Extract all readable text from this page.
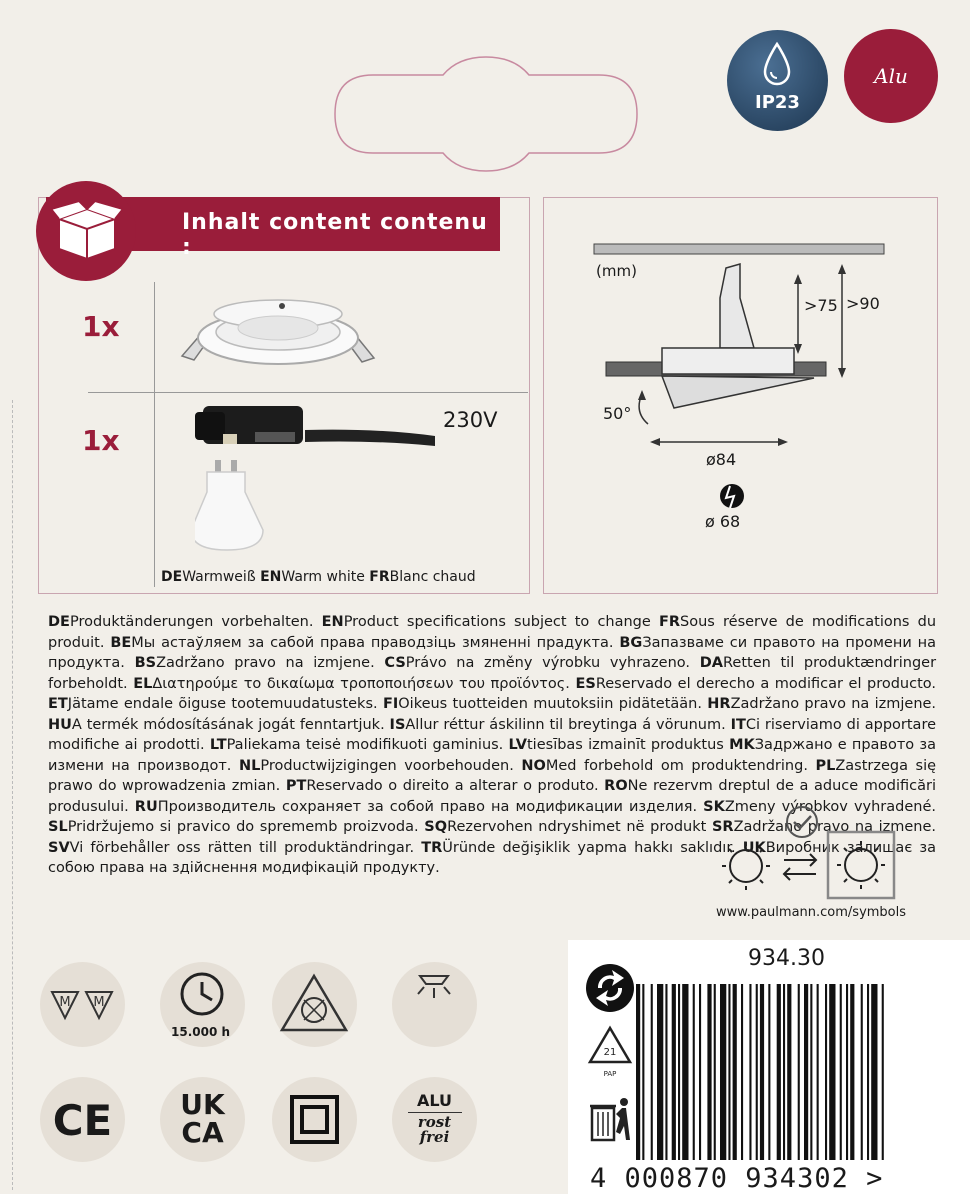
IP23
Alu
Inhalt content contenu :
1x
1x
230V
DEWarmweiß ENWarm white FRBlanc chaud
(mm)
>75 >90
50°
ø84
ø 68
DEProduktänderungen vorbehalten. ENProduct specifications subject to change FRSous réserve de modifications du produit. BEМы астаўляем за сабой права праводзіць змяненні прадукта. BGЗапазваме си правото на промени на продукта. BSZadržano pravo na izmjene. CSPrávo na změny výrobku vyhrazeno. DARetten til produktændringer forbeholdt. ELΔιατηρούμε το δικαίωμα τροποποιήσεων του προϊόντος. ESReservado el derecho a modificar el producto. ETJätame endale õiguse tootemuudatusteks. FIOikeus tuotteiden muutoksiin pidätetään. HRZadržano pravo na izmjene. HUA termék módosításának jogát fenntartjuk. ISAllur réttur áskilinn til breytinga á vörunum. ITCi riserviamo di apportare modifiche ai prodotti. LTPaliekama teisė modifikuoti gaminius. LVtiesības izmainīt produktus MKЗадржано е правото за измени на производот. NLProductwijzigingen voorbehouden. NOMed forbehold om produktendring. PLZastrzega się prawo do wprowadzenia zmian. PTReservado o direito a alterar o produto. RONe rezervm dreptul de a aduce modificări produsului. RUПроизводитель сохраняет за собой право на модификации изделия. SKZmeny výrobkov vyhradené. SLPridržujemo si pravico do sprememb proizvoda. SQRezervohen ndryshimet në produkt SRZadržano pravo na izmene. SVVi förbehåller oss rätten till produktändringar. TRÜründe değişiklik yapma hakkı saklıdır. UKВиробник залишає за собою права на здійснення модифікацій продукту.
www.paulmann.com/symbols
M M
15.000 h
CE	UK
CA
ALU
rost
frei
934.30
21
PAP
4 000870 934302 >
